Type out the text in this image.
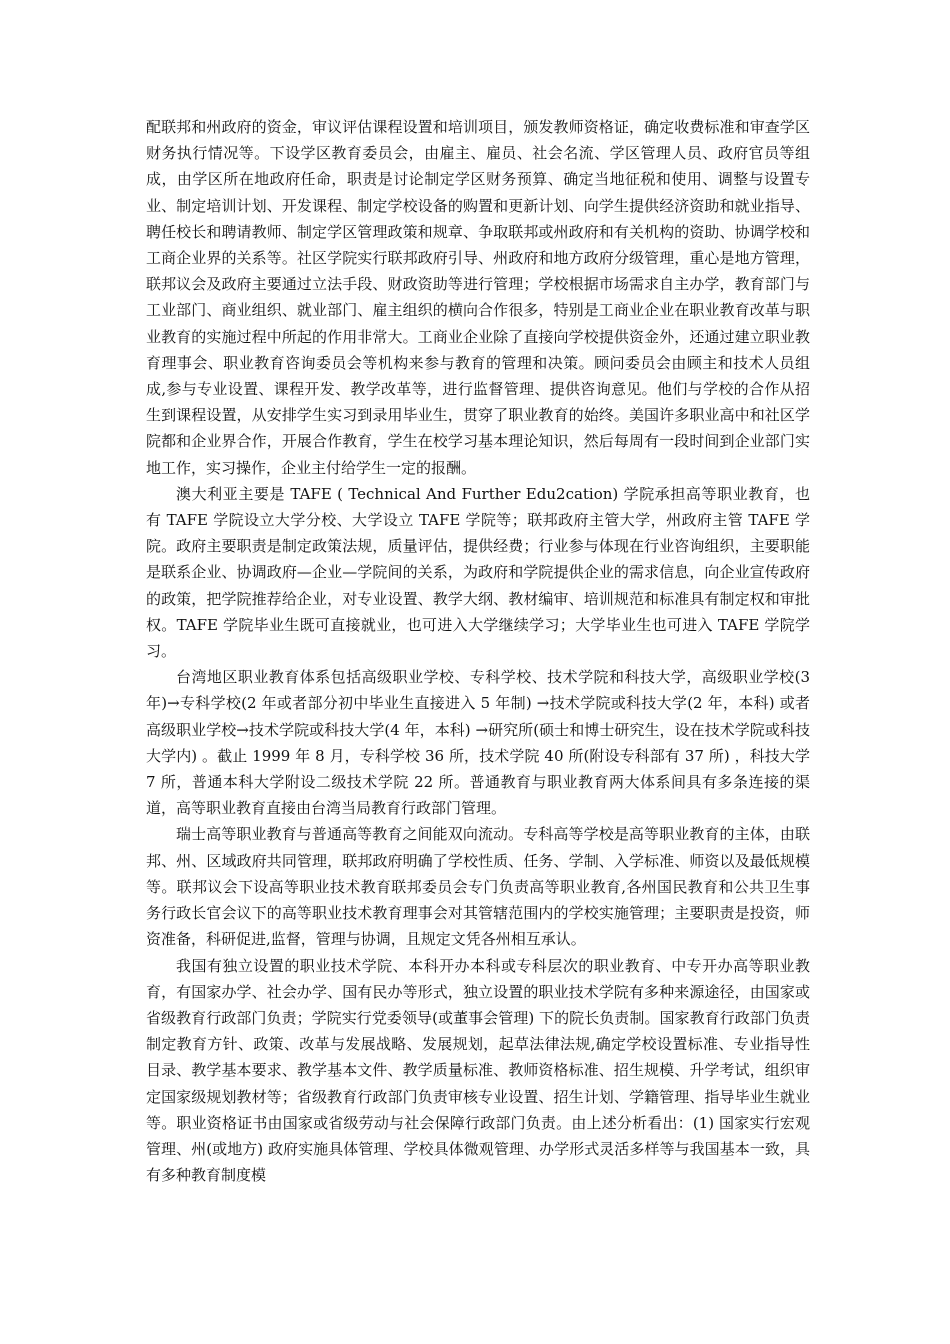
配联邦和州政府的资金，审议评估课程设置和培训项目，颁发教师资格证，确定收费标准和审查学区财务执行情况等。下设学区教育委员会，由雇主、雇员、社会名流、学区管理人员、政府官员等组成，由学区所在地政府任命，职责是讨论制定学区财务预算、确定当地征税和使用、调整与设置专业、制定培训计划、开发课程、制定学校设备的购置和更新计划、向学生提供经济资助和就业指导、聘任校长和聘请教师、制定学区管理政策和规章、争取联邦或州政府和有关机构的资助、协调学校和工商企业界的关系等。社区学院实行联邦政府引导、州政府和地方政府分级管理，重心是地方管理，联邦议会及政府主要通过立法手段、财政资助等进行管理；学校根据市场需求自主办学，教育部门与工业部门、商业组织、就业部门、雇主组织的横向合作很多，特别是工商业企业在职业教育改革与职业教育的实施过程中所起的作用非常大。工商业企业除了直接向学校提供资金外，还通过建立职业教育理事会、职业教育咨询委员会等机构来参与教育的管理和决策。顾问委员会由顾主和技术人员组成,参与专业设置、课程开发、教学改革等，进行监督管理、提供咨询意见。他们与学校的合作从招生到课程设置，从安排学生实习到录用毕业生，贯穿了职业教育的始终。美国许多职业高中和社区学院都和企业界合作，开展合作教育，学生在校学习基本理论知识，然后每周有一段时间到企业部门实地工作，实习操作，企业主付给学生一定的报酬。

澳大利亚主要是 TAFE ( Technical And Further Edu2cation) 学院承担高等职业教育，也有 TAFE 学院设立大学分校、大学设立 TAFE 学院等；联邦政府主管大学，州政府主管 TAFE 学院。政府主要职责是制定政策法规，质量评估，提供经费；行业参与体现在行业咨询组织，主要职能是联系企业、协调政府—企业—学院间的关系，为政府和学院提供企业的需求信息，向企业宣传政府的政策，把学院推荐给企业，对专业设置、教学大纲、教材编审、培训规范和标准具有制定权和审批权。TAFE 学院毕业生既可直接就业，也可进入大学继续学习；大学毕业生也可进入 TAFE 学院学习。

台湾地区职业教育体系包括高级职业学校、专科学校、技术学院和科技大学，高级职业学校(3 年)→专科学校(2 年或者部分初中毕业生直接进入 5 年制) →技术学院或科技大学(2 年，本科) 或者高级职业学校→技术学院或科技大学(4 年，本科) →研究所(硕士和博士研究生，设在技术学院或科技大学内) 。截止 1999 年 8 月，专科学校 36 所，技术学院 40 所(附设专科部有 37 所) ，科技大学 7 所，普通本科大学附设二级技术学院 22 所。普通教育与职业教育两大体系间具有多条连接的渠道，高等职业教育直接由台湾当局教育行政部门管理。

瑞士高等职业教育与普通高等教育之间能双向流动。专科高等学校是高等职业教育的主体，由联邦、州、区域政府共同管理，联邦政府明确了学校性质、任务、学制、入学标准、师资以及最低规模等。联邦议会下设高等职业技术教育联邦委员会专门负责高等职业教育,各州国民教育和公共卫生事务行政长官会议下的高等职业技术教育理事会对其管辖范围内的学校实施管理；主要职责是投资，师资准备，科研促进,监督，管理与协调，且规定文凭各州相互承认。

我国有独立设置的职业技术学院、本科开办本科或专科层次的职业教育、中专开办高等职业教育，有国家办学、社会办学、国有民办等形式，独立设置的职业技术学院有多种来源途径，由国家或省级教育行政部门负责；学院实行党委领导(或董事会管理) 下的院长负责制。国家教育行政部门负责制定教育方针、政策、改革与发展战略、发展规划，起草法律法规,确定学校设置标准、专业指导性目录、教学基本要求、教学基本文件、教学质量标准、教师资格标准、招生规模、升学考试，组织审定国家级规划教材等；省级教育行政部门负责审核专业设置、招生计划、学籍管理、指导毕业生就业等。职业资格证书由国家或省级劳动与社会保障行政部门负责。由上述分析看出：(1) 国家实行宏观管理、州(或地方) 政府实施具体管理、学校具体微观管理、办学形式灵活多样等与我国基本一致，具有多种教育制度模
